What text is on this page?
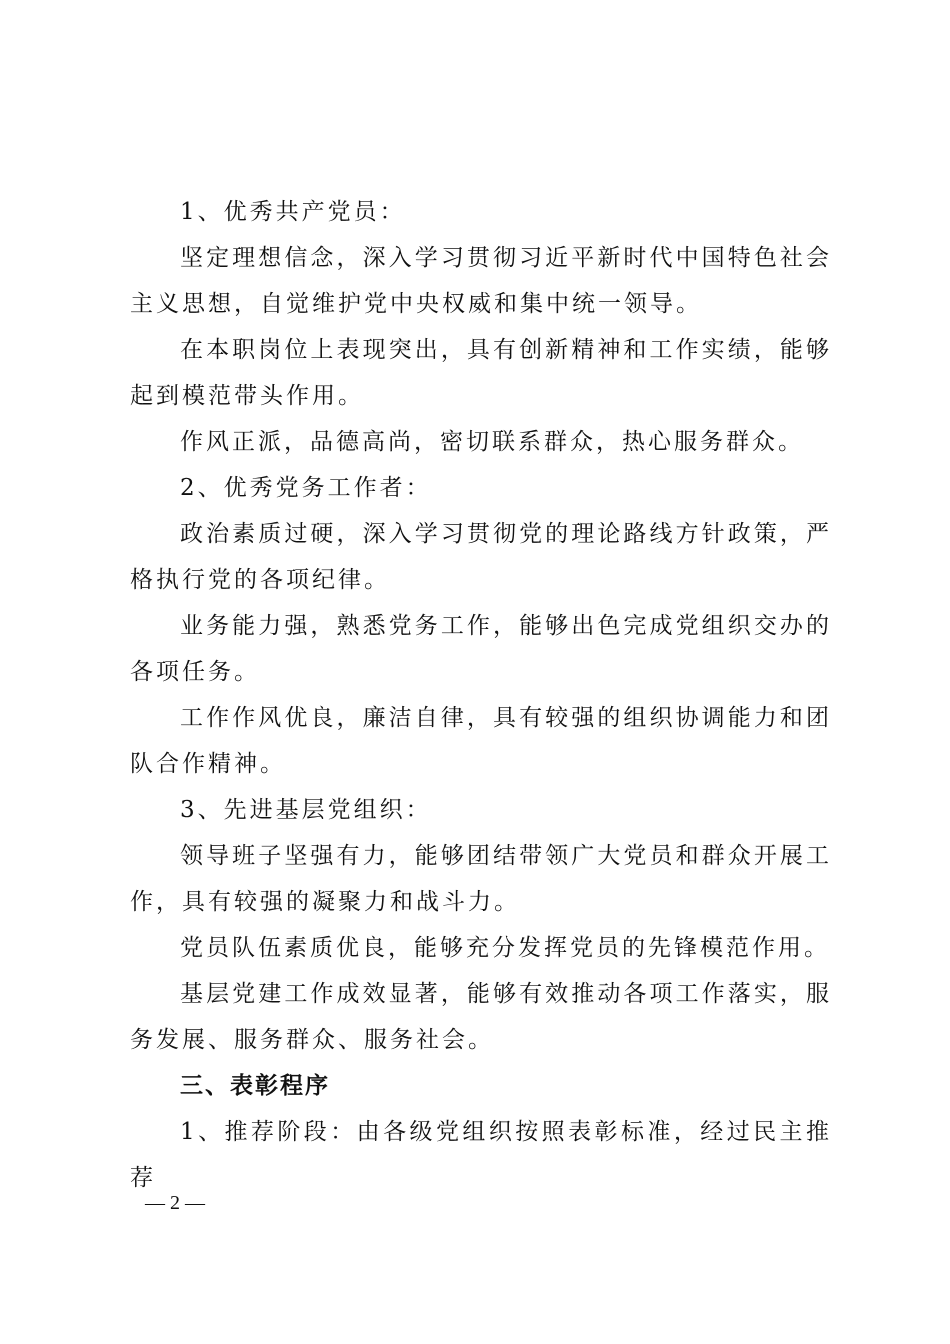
1、优秀共产党员：

坚定理想信念，深入学习贯彻习近平新时代中国特色社会主义思想，自觉维护党中央权威和集中统一领导。

在本职岗位上表现突出，具有创新精神和工作实绩，能够起到模范带头作用。

作风正派，品德高尚，密切联系群众，热心服务群众。

2、优秀党务工作者：

政治素质过硬，深入学习贯彻党的理论路线方针政策，严格执行党的各项纪律。

业务能力强，熟悉党务工作，能够出色完成党组织交办的各项任务。

工作作风优良，廉洁自律，具有较强的组织协调能力和团队合作精神。

3、先进基层党组织：

领导班子坚强有力，能够团结带领广大党员和群众开展工作，具有较强的凝聚力和战斗力。

党员队伍素质优良，能够充分发挥党员的先锋模范作用。

基层党建工作成效显著，能够有效推动各项工作落实，服务发展、服务群众、服务社会。

三、表彰程序

1、推荐阶段：由各级党组织按照表彰标准，经过民主推荐

— 2 —
